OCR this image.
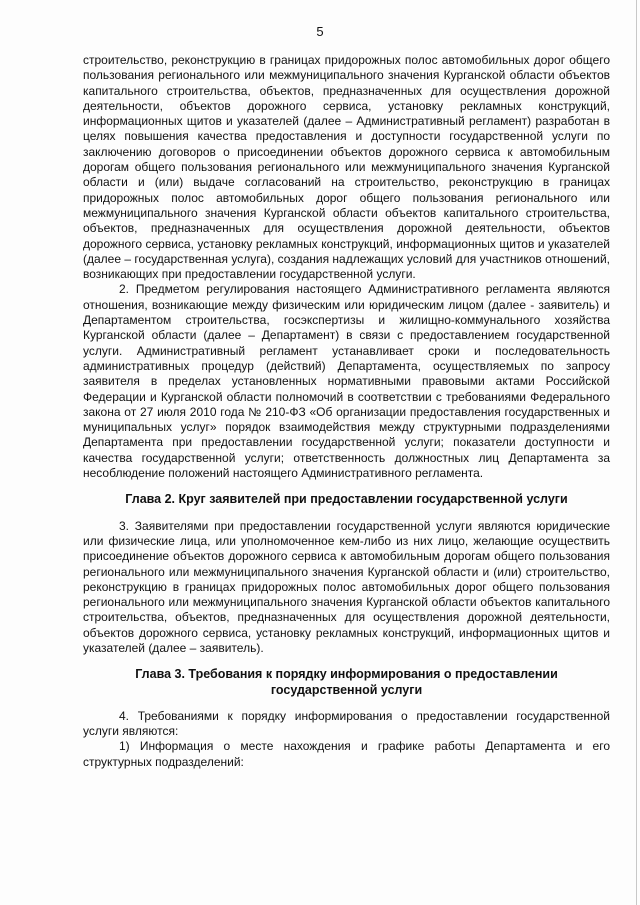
5

строительство, реконструкцию в границах придорожных полос автомобильных дорог общего пользования регионального или межмуниципального значения Курганской области объектов капитального строительства, объектов, предназначенных для осуществления дорожной деятельности, объектов дорожного сервиса, установку рекламных конструкций, информационных щитов и указателей (далее – Административный регламент) разработан в целях повышения качества предоставления и доступности государственной услуги по заключению договоров о присоединении объектов дорожного сервиса к автомобильным дорогам общего пользования регионального или межмуниципального значения Курганской области и (или) выдаче согласований на строительство, реконструкцию в границах придорожных полос автомобильных дорог общего пользования регионального или межмуниципального значения Курганской области объектов капитального строительства, объектов, предназначенных для осуществления дорожной деятельности, объектов дорожного сервиса, установку рекламных конструкций, информационных щитов и указателей (далее – государственная услуга), создания надлежащих условий для участников отношений, возникающих при предоставлении государственной услуги.

2. Предметом регулирования настоящего Административного регламента являются отношения, возникающие между физическим или юридическим лицом (далее - заявитель) и Департаментом строительства, госэкспертизы и жилищно-коммунального хозяйства Курганской области (далее – Департамент) в связи с предоставлением государственной услуги. Административный регламент устанавливает сроки и последовательность административных процедур (действий) Департамента, осуществляемых по запросу заявителя в пределах установленных нормативными правовыми актами Российской Федерации и Курганской области полномочий в соответствии с требованиями Федерального закона от 27 июля 2010 года № 210-ФЗ «Об организации предоставления государственных и муниципальных услуг» порядок взаимодействия между структурными подразделениями Департамента при предоставлении государственной услуги; показатели доступности и качества государственной услуги; ответственность должностных лиц Департамента за несоблюдение положений настоящего Административного регламента.

Глава 2. Круг заявителей при предоставлении государственной услуги

3. Заявителями при предоставлении государственной услуги являются юридические или физические лица, или уполномоченное кем-либо из них лицо, желающие осуществить присоединение объектов дорожного сервиса к автомобильным дорогам общего пользования регионального или межмуниципального значения Курганской области и (или) строительство, реконструкцию в границах придорожных полос автомобильных дорог общего пользования регионального или межмуниципального значения Курганской области объектов капитального строительства, объектов, предназначенных для осуществления дорожной деятельности, объектов дорожного сервиса, установку рекламных конструкций, информационных щитов и указателей (далее – заявитель).

Глава 3. Требования к порядку информирования о предоставлении государственной услуги

4. Требованиями к порядку информирования о предоставлении государственной услуги являются:

1) Информация о месте нахождения и графике работы Департамента и его структурных подразделений:
